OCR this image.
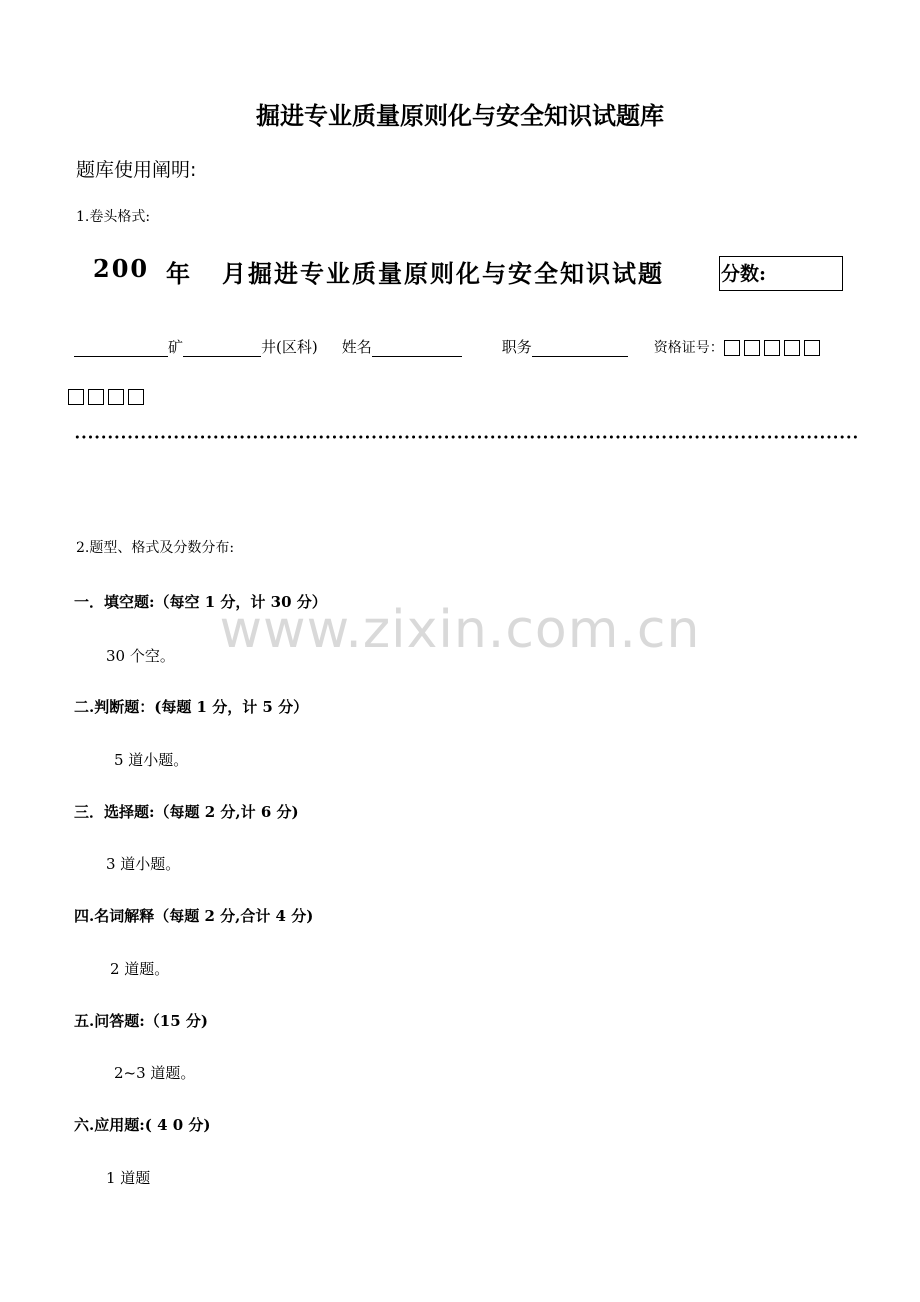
掘进专业质量原则化与安全知识试题库
题库使用阐明:
1.卷头格式:
200 年 月掘进专业质量原则化与安全知识试题	分数:
矿	井(区科) 姓名	职务	资格证号：
2.题型、格式及分数分布:
www.zixin.com.cn
一．填空题:（每空 1 分，计 30 分）
30 个空。
二.判断题：(每题 1 分，计 5 分）
5 道小题。
三．选择题:（每题 2 分,计 6 分)
3 道小题。
四.名词解释（每题 2 分,合计 4 分)
2 道题。
五.问答题:（15 分)
2~3 道题。
六.应用题:( 4 0 分)
1 道题
